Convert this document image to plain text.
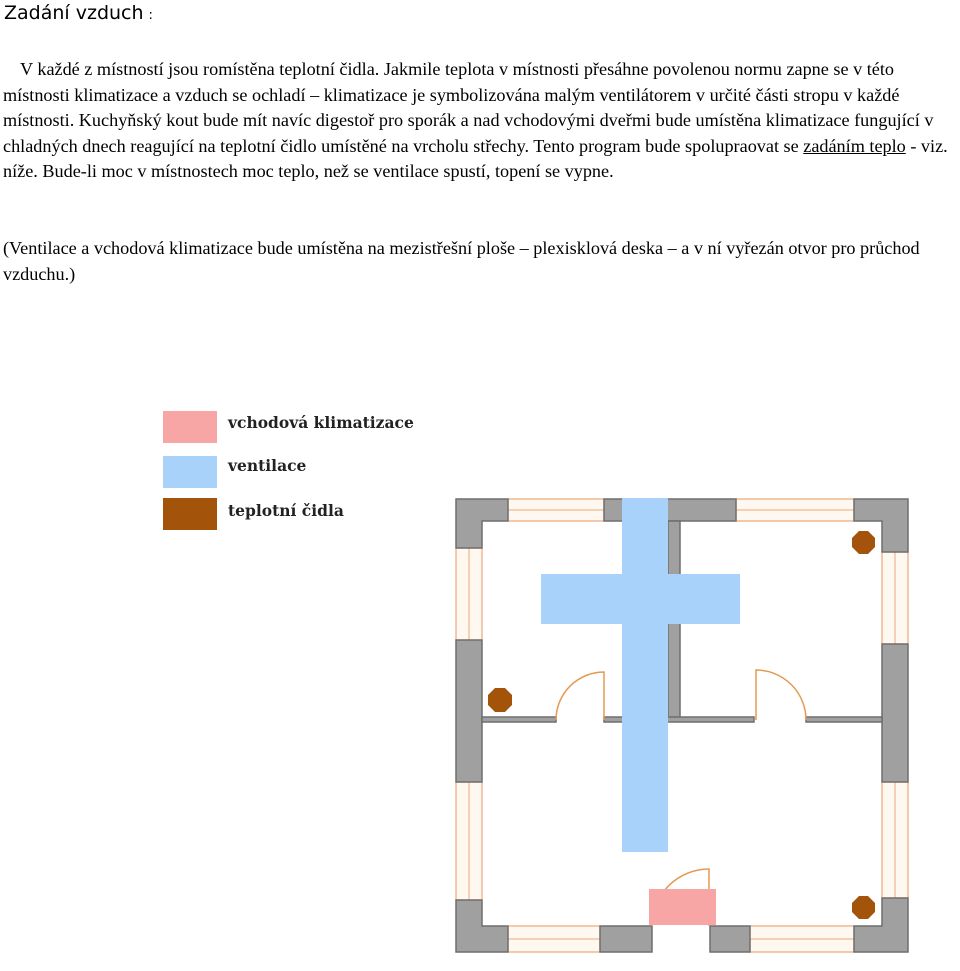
Zadání vzduch :

V každé z místností jsou romístěna teplotní čidla. Jakmile teplota v místnosti přesáhne povolenou normu zapne se v této místnosti klimatizace a vzduch se ochladí – klimatizace je symbolizována malým ventilátorem v určité části stropu v každé místnosti. Kuchyňský kout bude mít navíc digestoř pro sporák a nad vchodovými dveřmi bude umístěna klimatizace fungující v chladných dnech reagující na teplotní čidlo umístěné na vrcholu střechy. Tento program bude spolupraovat se zadáním teplo - viz. níže. Bude-li moc v místnostech moc teplo, než se ventilace spustí, topení se vypne.

(Ventilace a vchodová klimatizace bude umístěna na mezistřešní ploše – plexisklová deska – a v ní vyřezán otvor pro průchod vzduchu.)

vchodová klimatizace
ventilace
teplotní čidla
